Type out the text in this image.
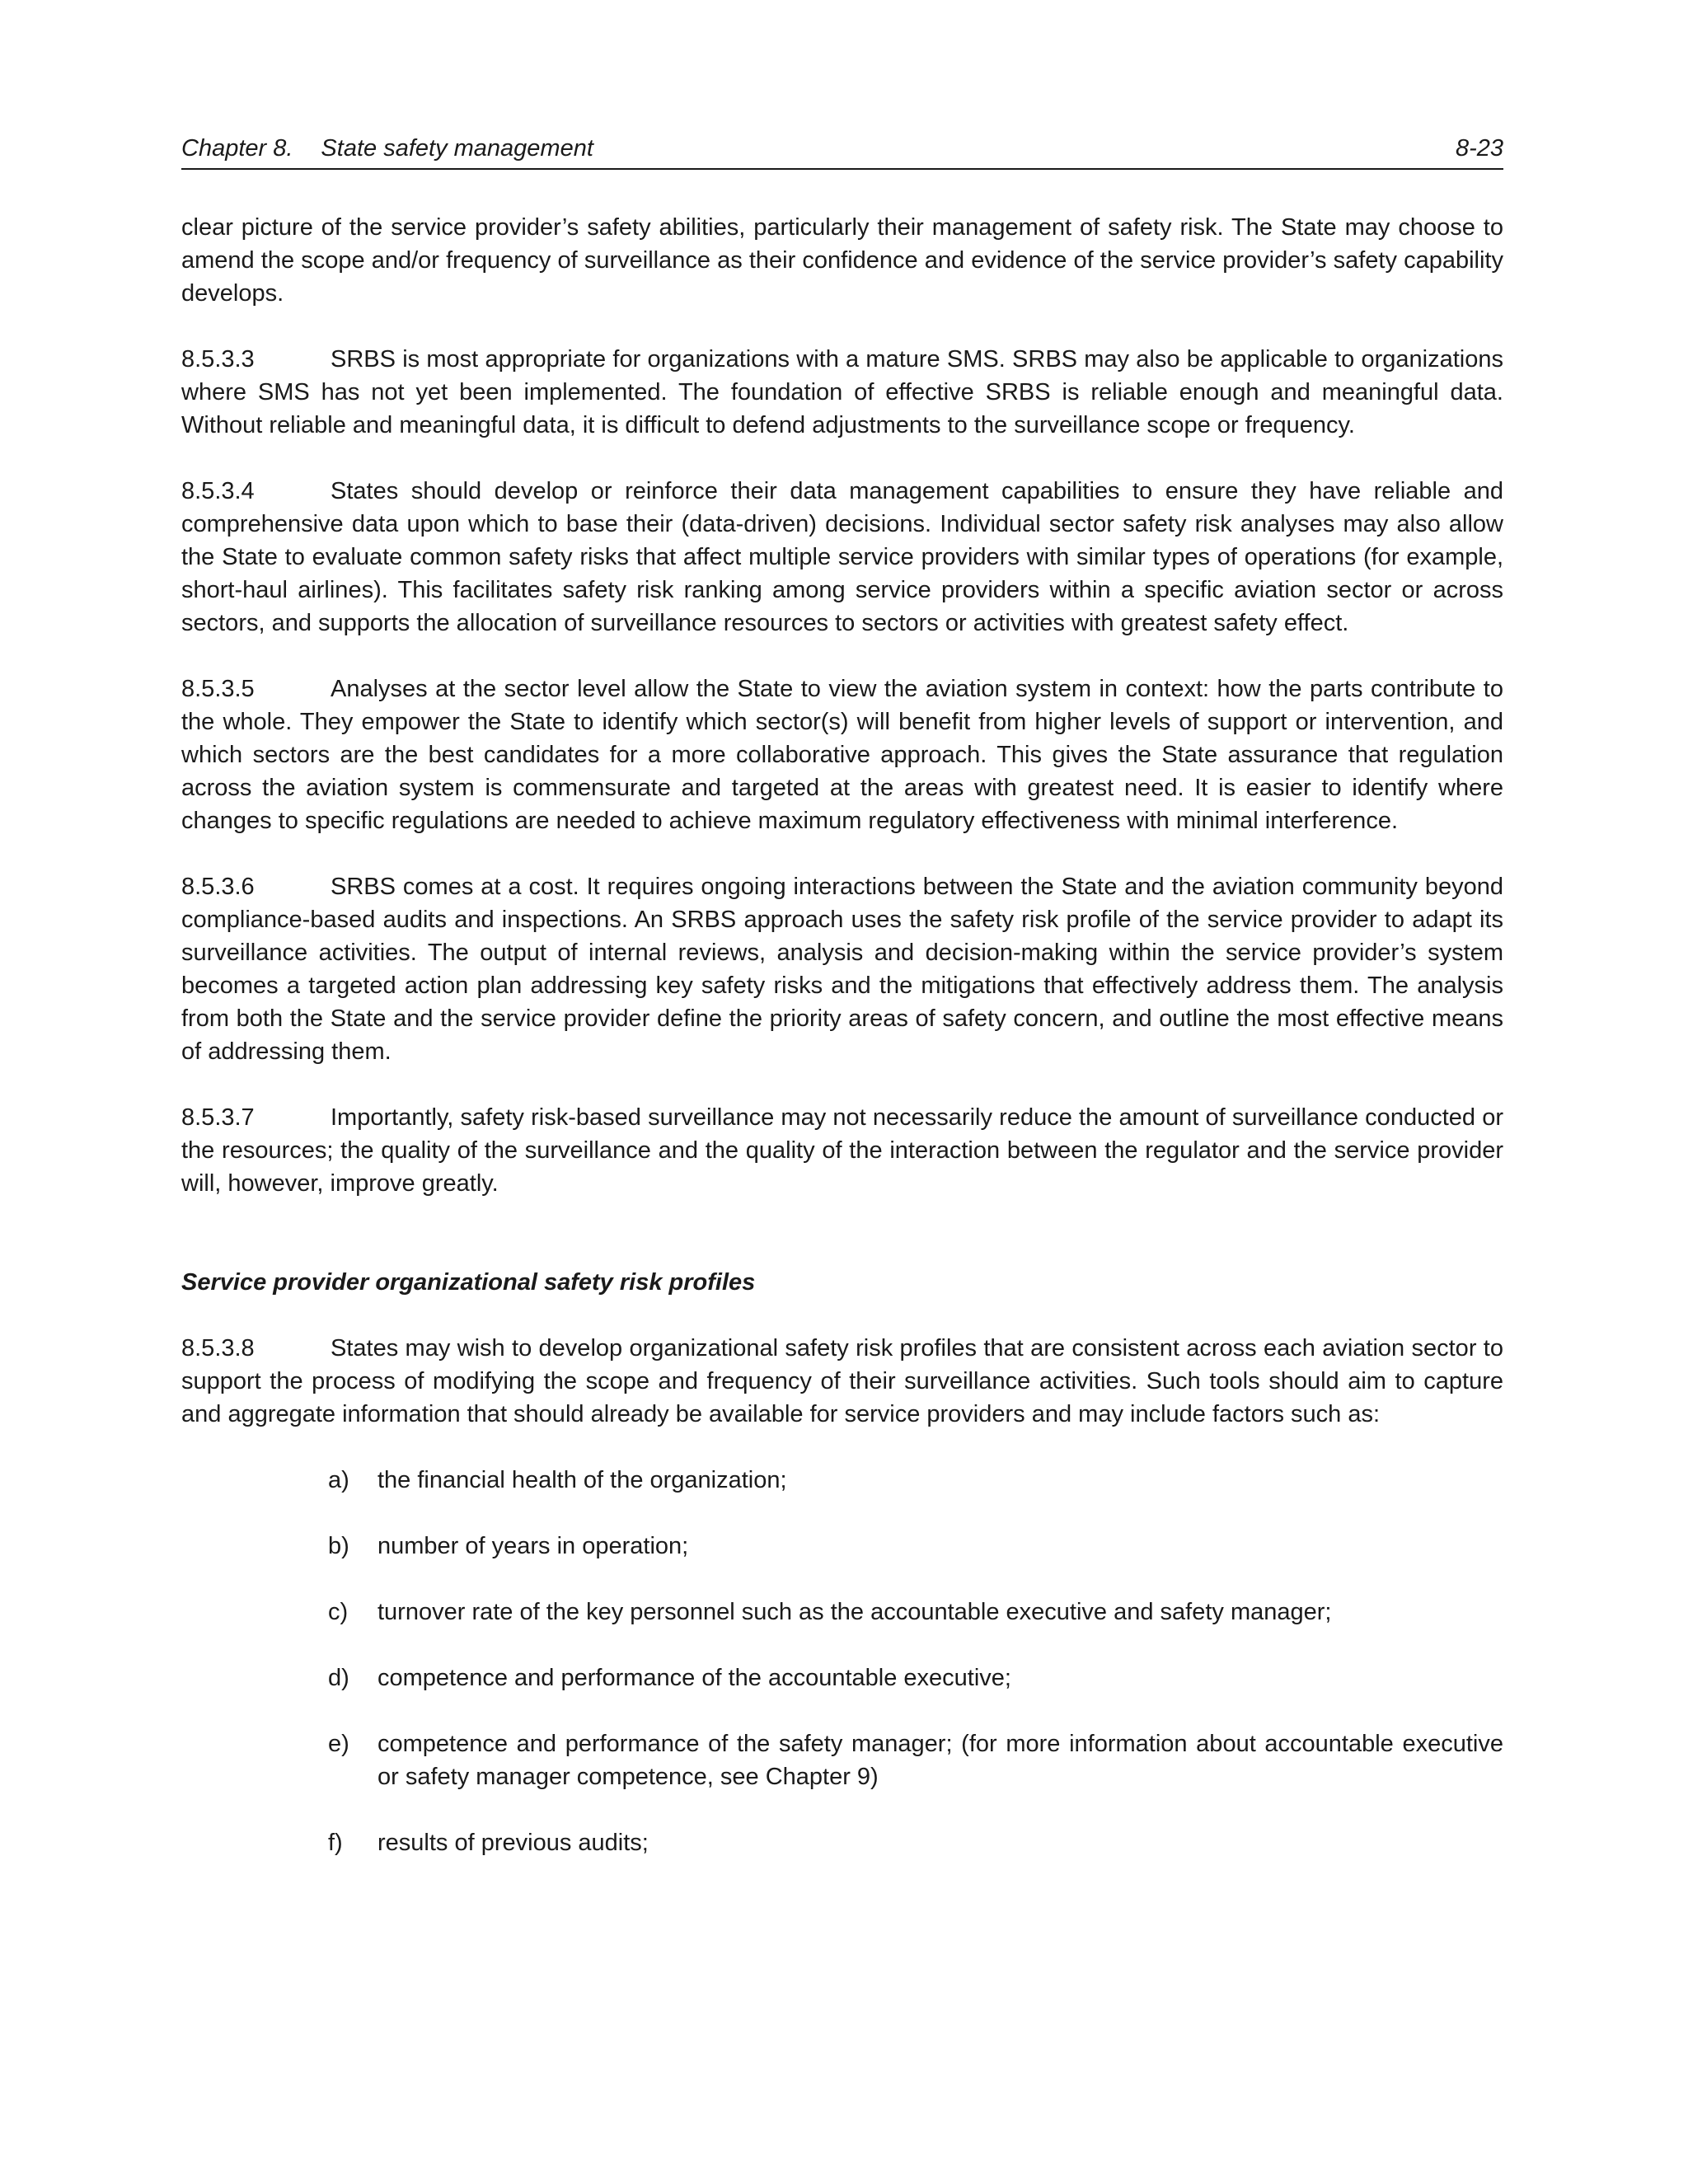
Chapter 8. State safety management	8-23

clear picture of the service provider’s safety abilities, particularly their management of safety risk. The State may choose to amend the scope and/or frequency of surveillance as their confidence and evidence of the service provider’s safety capability develops.

8.5.3.3	SRBS is most appropriate for organizations with a mature SMS. SRBS may also be applicable to organizations where SMS has not yet been implemented. The foundation of effective SRBS is reliable enough and meaningful data. Without reliable and meaningful data, it is difficult to defend adjustments to the surveillance scope or frequency.

8.5.3.4	States should develop or reinforce their data management capabilities to ensure they have reliable and comprehensive data upon which to base their (data-driven) decisions. Individual sector safety risk analyses may also allow the State to evaluate common safety risks that affect multiple service providers with similar types of operations (for example, short-haul airlines). This facilitates safety risk ranking among service providers within a specific aviation sector or across sectors, and supports the allocation of surveillance resources to sectors or activities with greatest safety effect.

8.5.3.5	Analyses at the sector level allow the State to view the aviation system in context: how the parts contribute to the whole. They empower the State to identify which sector(s) will benefit from higher levels of support or intervention, and which sectors are the best candidates for a more collaborative approach. This gives the State assurance that regulation across the aviation system is commensurate and targeted at the areas with greatest need. It is easier to identify where changes to specific regulations are needed to achieve maximum regulatory effectiveness with minimal interference.

8.5.3.6	SRBS comes at a cost. It requires ongoing interactions between the State and the aviation community beyond compliance-based audits and inspections. An SRBS approach uses the safety risk profile of the service provider to adapt its surveillance activities. The output of internal reviews, analysis and decision-making within the service provider’s system becomes a targeted action plan addressing key safety risks and the mitigations that effectively address them. The analysis from both the State and the service provider define the priority areas of safety concern, and outline the most effective means of addressing them.

8.5.3.7	Importantly, safety risk-based surveillance may not necessarily reduce the amount of surveillance conducted or the resources; the quality of the surveillance and the quality of the interaction between the regulator and the service provider will, however, improve greatly.

Service provider organizational safety risk profiles

8.5.3.8	States may wish to develop organizational safety risk profiles that are consistent across each aviation sector to support the process of modifying the scope and frequency of their surveillance activities. Such tools should aim to capture and aggregate information that should already be available for service providers and may include factors such as:

a)	the financial health of the organization;
b)	number of years in operation;
c)	turnover rate of the key personnel such as the accountable executive and safety manager;
d)	competence and performance of the accountable executive;
e)	competence and performance of the safety manager; (for more information about accountable executive or safety manager competence, see Chapter 9)
f)	results of previous audits;
